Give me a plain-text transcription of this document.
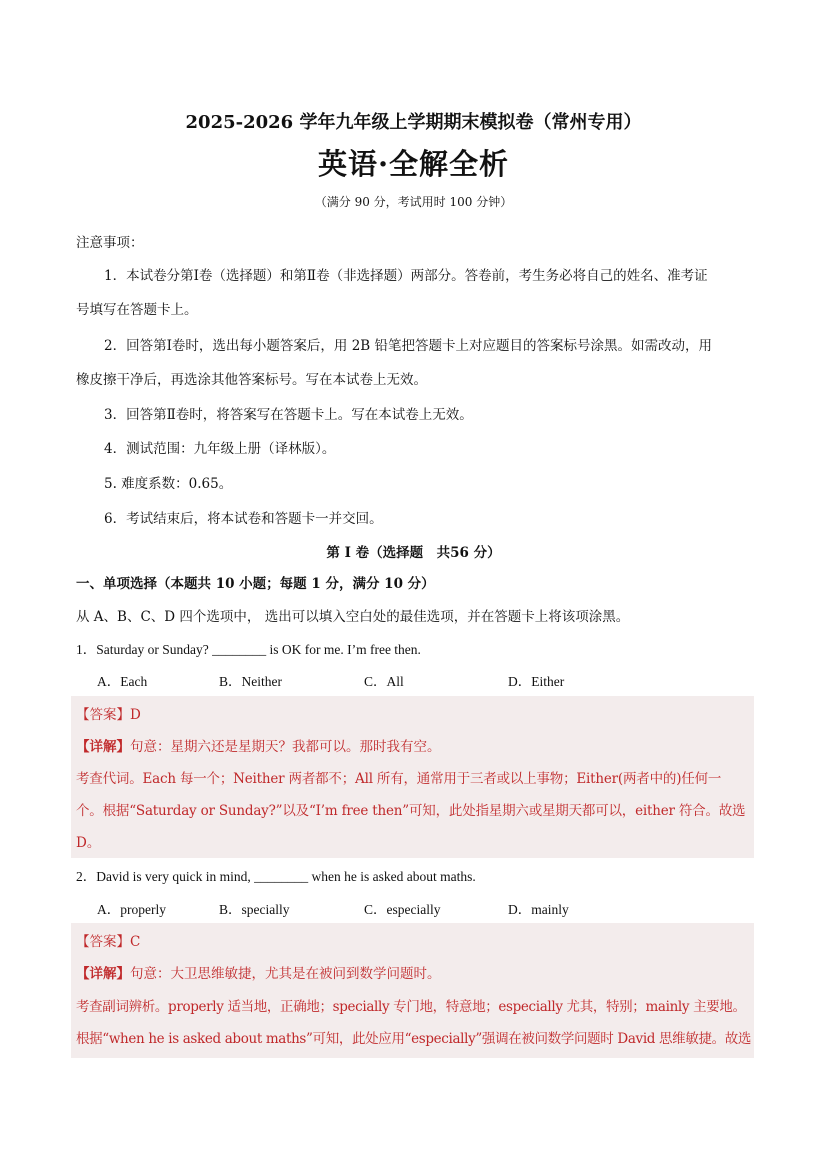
2025-2026 学年九年级上学期期末模拟卷（常州专用）
英语·全解全析
（满分 90 分，考试用时 100 分钟）
注意事项：
1．本试卷分第Ⅰ卷（选择题）和第Ⅱ卷（非选择题）两部分。答卷前，考生务必将自己的姓名、准考证
号填写在答题卡上。
2．回答第Ⅰ卷时，选出每小题答案后，用 2B 铅笔把答题卡上对应题目的答案标号涂黑。如需改动，用
橡皮擦干净后，再选涂其他答案标号。写在本试卷上无效。
3．回答第Ⅱ卷时，将答案写在答题卡上。写在本试卷上无效。
4．测试范围：九年级上册（译林版）。
5. 难度系数：0.65。
6．考试结束后，将本试卷和答题卡一并交回。
第 I 卷（选择题　共56 分）
一、单项选择（本题共 10 小题；每题 1 分，满分 10 分）
从 A、B、C、D 四个选项中， 选出可以填入空白处的最佳选项，并在答题卡上将该项涂黑。
1．Saturday or Sunday? ________ is OK for me. I’m free then.
A．Each	B．Neither	C．All	D．Either
【答案】D
【详解】句意：星期六还是星期天？我都可以。那时我有空。
考查代词。Each 每一个；Neither 两者都不；All 所有，通常用于三者或以上事物；Either(两者中的)任何一
个。根据“Saturday or Sunday?”以及“I’m free then”可知，此处指星期六或星期天都可以，either 符合。故选
D。
2．David is very quick in mind, ________ when he is asked about maths.
A．properly	B．specially	C．especially	D．mainly
【答案】C
【详解】句意：大卫思维敏捷，尤其是在被问到数学问题时。
考查副词辨析。properly 适当地，正确地；specially 专门地，特意地；especially 尤其，特别；mainly 主要地。
根据“when he is asked about maths”可知，此处应用“especially”强调在被问数学问题时 David 思维敏捷。故选
